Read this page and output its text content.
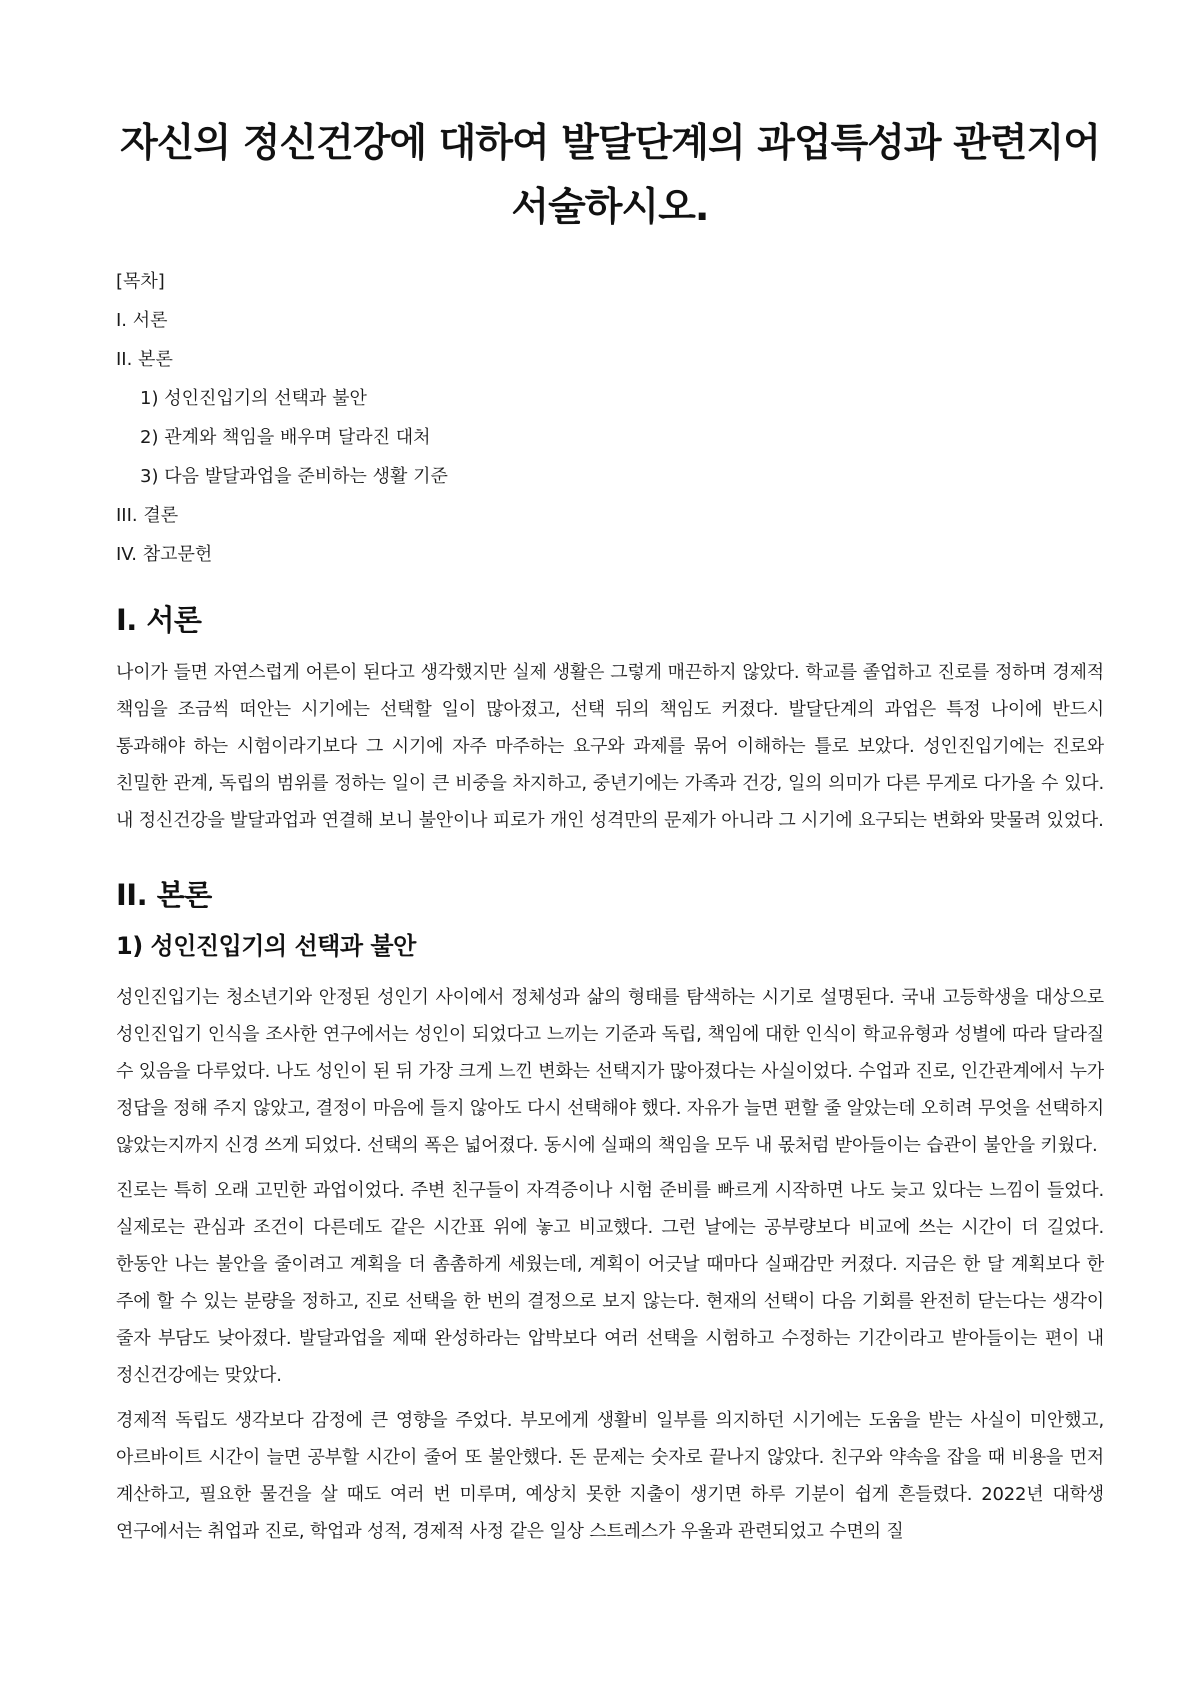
자신의 정신건강에 대하여 발달단계의 과업특성과 관련지어 서술하시오.
[목차]
I. 서론
II. 본론
1) 성인진입기의 선택과 불안
2) 관계와 책임을 배우며 달라진 대처
3) 다음 발달과업을 준비하는 생활 기준
III. 결론
IV. 참고문헌
I. 서론

나이가 들면 자연스럽게 어른이 된다고 생각했지만 실제 생활은 그렇게 매끈하지 않았다. 학교를 졸업하고 진로를 정하며 경제적 책임을 조금씩 떠안는 시기에는 선택할 일이 많아졌고, 선택 뒤의 책임도 커졌다. 발달단계의 과업은 특정 나이에 반드시 통과해야 하는 시험이라기보다 그 시기에 자주 마주하는 요구와 과제를 묶어 이해하는 틀로 보았다. 성인진입기에는 진로와 친밀한 관계, 독립의 범위를 정하는 일이 큰 비중을 차지하고, 중년기에는 가족과 건강, 일의 의미가 다른 무게로 다가올 수 있다. 내 정신건강을 발달과업과 연결해 보니 불안이나 피로가 개인 성격만의 문제가 아니라 그 시기에 요구되는 변화와 맞물려 있었다.

II. 본론
1) 성인진입기의 선택과 불안

성인진입기는 청소년기와 안정된 성인기 사이에서 정체성과 삶의 형태를 탐색하는 시기로 설명된다. 국내 고등학생을 대상으로 성인진입기 인식을 조사한 연구에서는 성인이 되었다고 느끼는 기준과 독립, 책임에 대한 인식이 학교유형과 성별에 따라 달라질 수 있음을 다루었다. 나도 성인이 된 뒤 가장 크게 느낀 변화는 선택지가 많아졌다는 사실이었다. 수업과 진로, 인간관계에서 누가 정답을 정해 주지 않았고, 결정이 마음에 들지 않아도 다시 선택해야 했다. 자유가 늘면 편할 줄 알았는데 오히려 무엇을 선택하지 않았는지까지 신경 쓰게 되었다. 선택의 폭은 넓어졌다. 동시에 실패의 책임을 모두 내 몫처럼 받아들이는 습관이 불안을 키웠다.

진로는 특히 오래 고민한 과업이었다. 주변 친구들이 자격증이나 시험 준비를 빠르게 시작하면 나도 늦고 있다는 느낌이 들었다. 실제로는 관심과 조건이 다른데도 같은 시간표 위에 놓고 비교했다. 그런 날에는 공부량보다 비교에 쓰는 시간이 더 길었다. 한동안 나는 불안을 줄이려고 계획을 더 촘촘하게 세웠는데, 계획이 어긋날 때마다 실패감만 커졌다. 지금은 한 달 계획보다 한 주에 할 수 있는 분량을 정하고, 진로 선택을 한 번의 결정으로 보지 않는다. 현재의 선택이 다음 기회를 완전히 닫는다는 생각이 줄자 부담도 낮아졌다. 발달과업을 제때 완성하라는 압박보다 여러 선택을 시험하고 수정하는 기간이라고 받아들이는 편이 내 정신건강에는 맞았다.

경제적 독립도 생각보다 감정에 큰 영향을 주었다. 부모에게 생활비 일부를 의지하던 시기에는 도움을 받는 사실이 미안했고, 아르바이트 시간이 늘면 공부할 시간이 줄어 또 불안했다. 돈 문제는 숫자로 끝나지 않았다. 친구와 약속을 잡을 때 비용을 먼저 계산하고, 필요한 물건을 살 때도 여러 번 미루며, 예상치 못한 지출이 생기면 하루 기분이 쉽게 흔들렸다. 2022년 대학생 연구에서는 취업과 진로, 학업과 성적, 경제적 사정 같은 일상 스트레스가 우울과 관련되었고 수면의 질
